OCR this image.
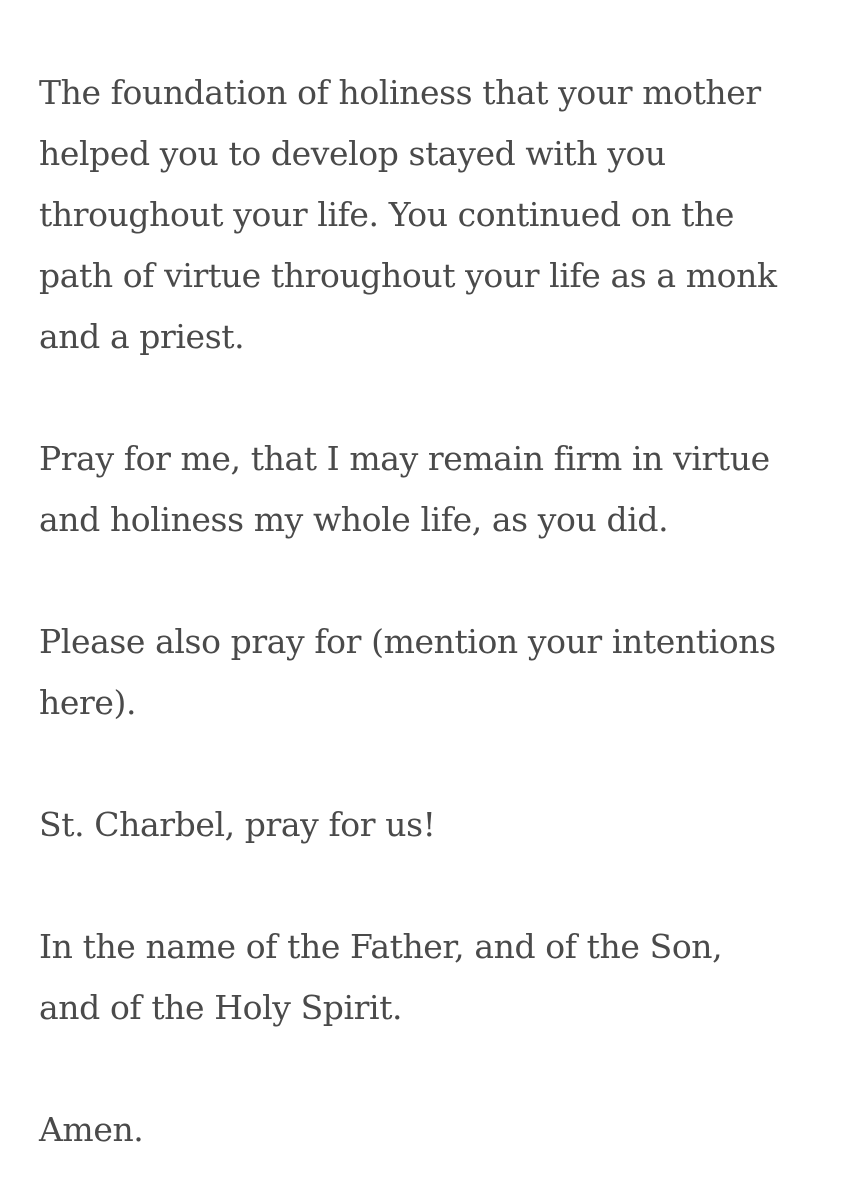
The foundation of holiness that your mother
helped you to develop stayed with you
throughout your life. You continued on the
path of virtue throughout your life as a monk
and a priest.

Pray for me, that I may remain firm in virtue
and holiness my whole life, as you did.

Please also pray for (mention your intentions
here).

St. Charbel, pray for us!

In the name of the Father, and of the Son,
and of the Holy Spirit.

Amen.
